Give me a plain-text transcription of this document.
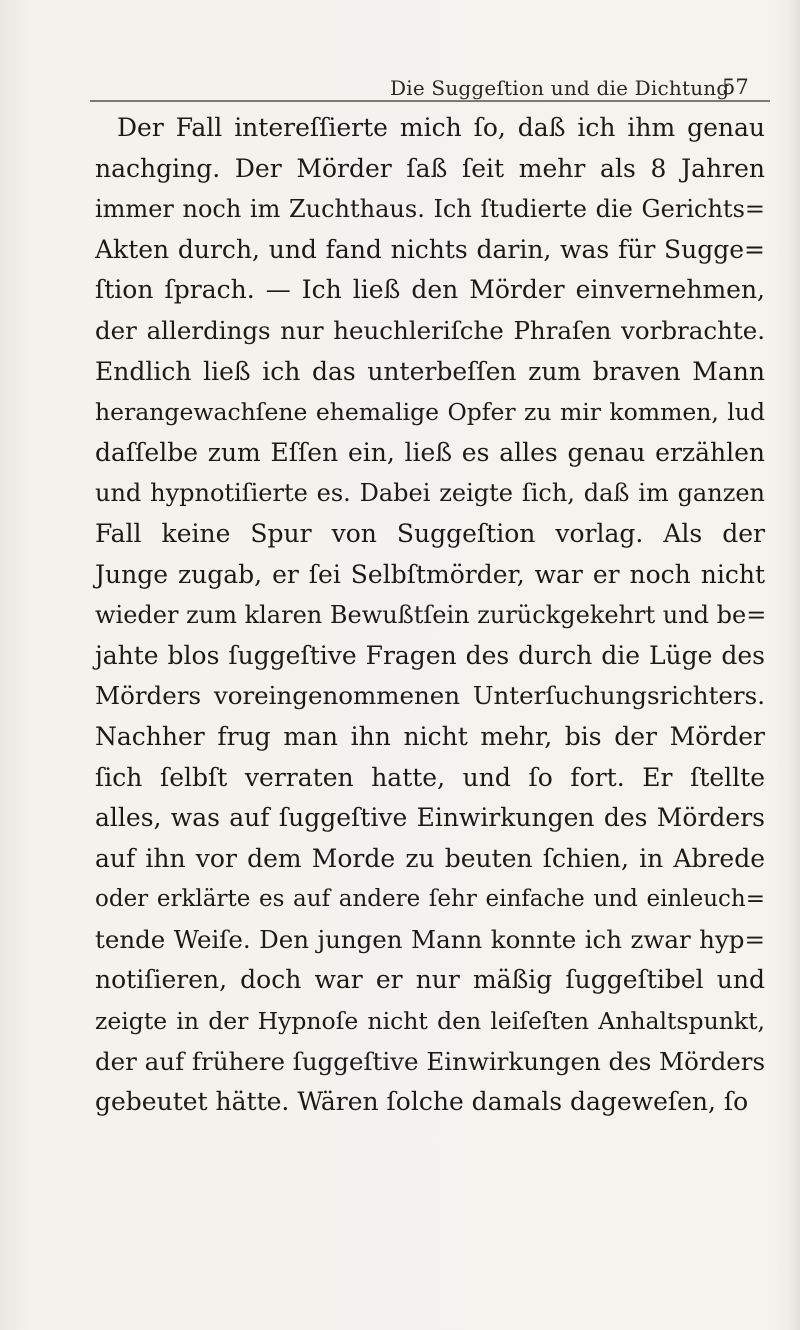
Die Suggeſtion und die Dichtung
57
Der Fall intereſſierte mich ſo, daß ich ihm genau
nachging. Der Mörder ſaß ſeit mehr als 8 Jahren
immer noch im Zuchthaus. Ich ſtudierte die Gerichts=
Akten durch, und fand nichts darin, was für Sugge=
ſtion ſprach. — Ich ließ den Mörder einvernehmen,
der allerdings nur heuchleriſche Phraſen vorbrachte.
Endlich ließ ich das unterbeſſen zum braven Mann
herangewachſene ehemalige Opfer zu mir kommen, lud
daſſelbe zum Eſſen ein, ließ es alles genau erzählen
und hypnotiſierte es. Dabei zeigte ſich, daß im ganzen
Fall keine Spur von Suggeſtion vorlag. Als der
Junge zugab, er ſei Selbſtmörder, war er noch nicht
wieder zum klaren Bewußtſein zurückgekehrt und be=
jahte blos ſuggeſtive Fragen des durch die Lüge des
Mörders voreingenommenen Unterſuchungsrichters.
Nachher frug man ihn nicht mehr, bis der Mörder
ſich ſelbſt verraten hatte, und ſo fort. Er ſtellte
alles, was auf ſuggeſtive Einwirkungen des Mörders
auf ihn vor dem Morde zu beuten ſchien, in Abrede
oder erklärte es auf andere ſehr einfache und einleuch=
tende Weiſe. Den jungen Mann konnte ich zwar hyp=
notiſieren, doch war er nur mäßig ſuggeſtibel und
zeigte in der Hypnoſe nicht den leiſeſten Anhaltspunkt,
der auf frühere ſuggeſtive Einwirkungen des Mörders
gebeutet hätte. Wären ſolche damals dageweſen, ſo
